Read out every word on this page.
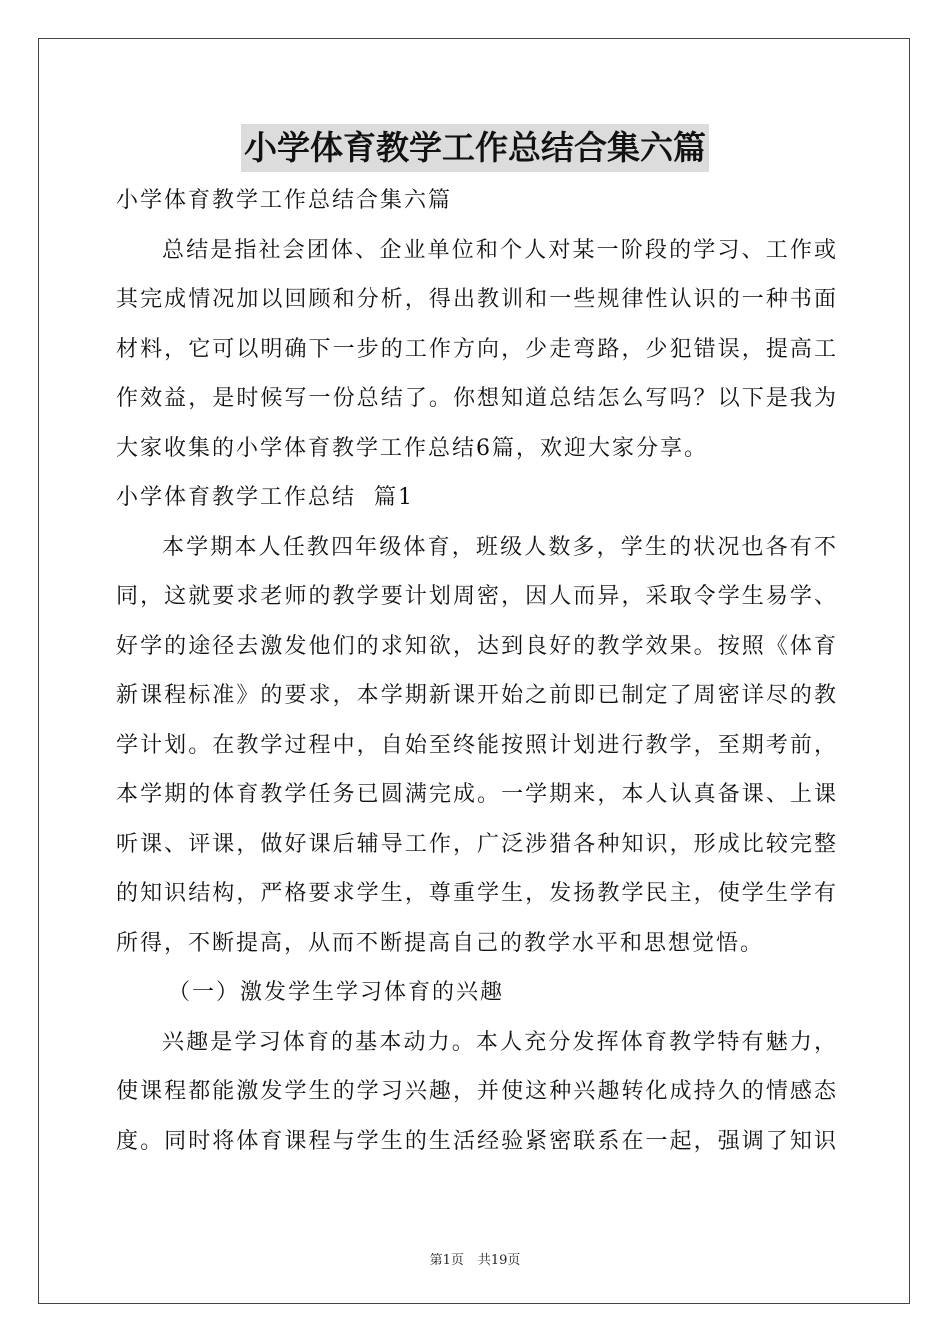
小学体育教学工作总结合集六篇
小学体育教学工作总结合集六篇
总结是指社会团体、企业单位和个人对某一阶段的学习、工作或
其完成情况加以回顾和分析，得出教训和一些规律性认识的一种书面
材料，它可以明确下一步的工作方向，少走弯路，少犯错误，提高工
作效益，是时候写一份总结了。你想知道总结怎么写吗？以下是我为
大家收集的小学体育教学工作总结6篇，欢迎大家分享。
小学体育教学工作总结  篇1
本学期本人任教四年级体育，班级人数多，学生的状况也各有不
同，这就要求老师的教学要计划周密，因人而异，采取令学生易学、
好学的途径去激发他们的求知欲，达到良好的教学效果。按照《体育
新课程标准》的要求，本学期新课开始之前即已制定了周密详尽的教
学计划。在教学过程中，自始至终能按照计划进行教学，至期考前，
本学期的体育教学任务已圆满完成。一学期来，本人认真备课、上课
听课、评课，做好课后辅导工作，广泛涉猎各种知识，形成比较完整
的知识结构，严格要求学生，尊重学生，发扬教学民主，使学生学有
所得，不断提高，从而不断提高自己的教学水平和思想觉悟。
（一）激发学生学习体育的兴趣
兴趣是学习体育的基本动力。本人充分发挥体育教学特有魅力，
使课程都能激发学生的学习兴趣，并使这种兴趣转化成持久的情感态
度。同时将体育课程与学生的生活经验紧密联系在一起，强调了知识
第1页 共19页
